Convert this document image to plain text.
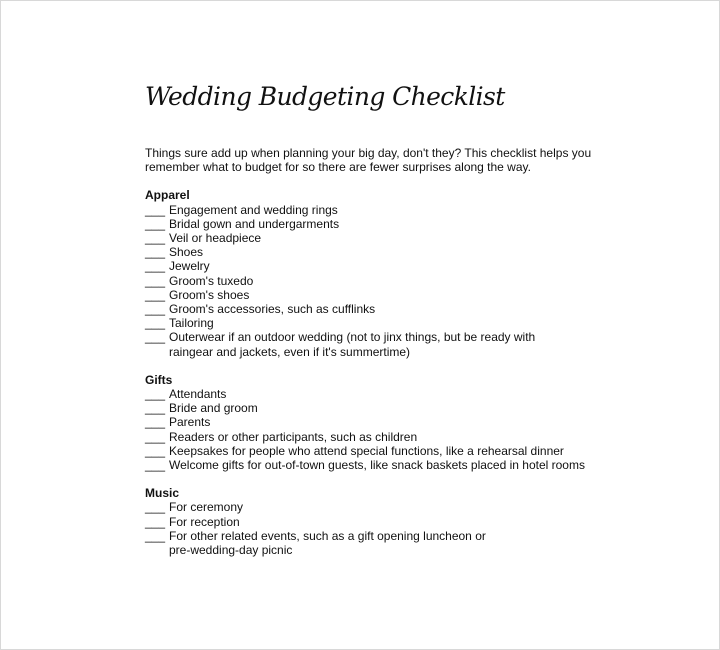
Wedding Budgeting Checklist

Things sure add up when planning your big day, don't they? This checklist helps you
remember what to budget for so there are fewer surprises along the way.

Apparel
___ Engagement and wedding rings
___ Bridal gown and undergarments
___ Veil or headpiece
___ Shoes
___ Jewelry
___ Groom's tuxedo
___ Groom's shoes
___ Groom's accessories, such as cufflinks
___ Tailoring
___ Outerwear if an outdoor wedding (not to jinx things, but be ready with
raingear and jackets, even if it's summertime)
Gifts
___ Attendants
___ Bride and groom
___ Parents
___ Readers or other participants, such as children
___ Keepsakes for people who attend special functions, like a rehearsal dinner
___ Welcome gifts for out-of-town guests, like snack baskets placed in hotel rooms
Music
___ For ceremony
___ For reception
___ For other related events, such as a gift opening luncheon or
pre-wedding-day picnic
